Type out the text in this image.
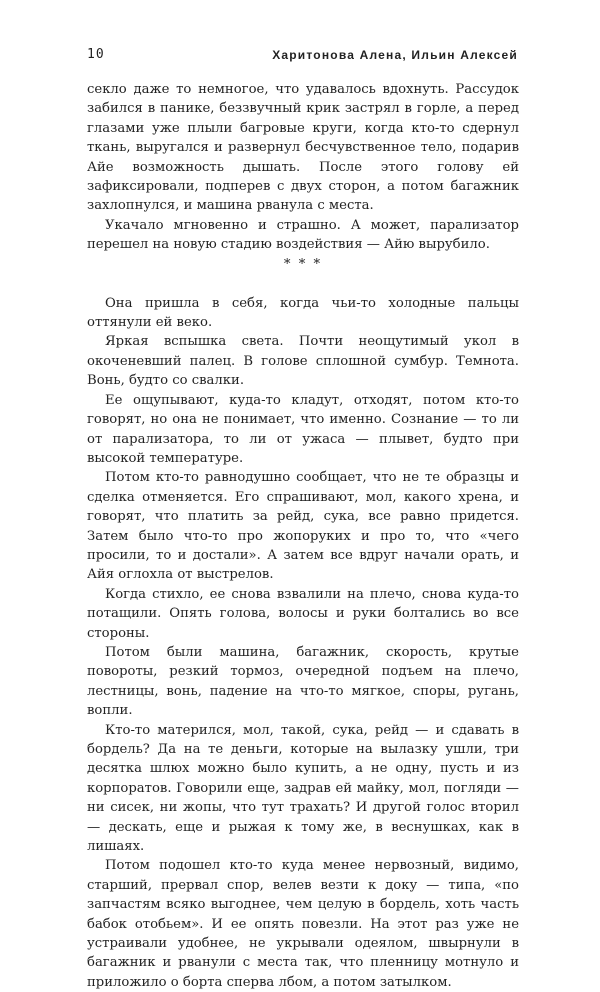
10	Харитонова Алена, Ильин Алексей

секло даже то немногое, что удавалось вдохнуть. Рассудок забился в панике, беззвучный крик застрял в горле, а перед глазами уже плыли багровые круги, когда кто-то сдернул ткань, выругался и развернул бесчувственное тело, подарив Айе возможность дышать. После этого голову ей зафиксировали, подперев с двух сторон, а потом багажник захлопнулся, и машина рванула с места.

Укачало мгновенно и страшно. А может, парализатор перешел на новую стадию воздействия — Айю вырубило.

* * *

Она пришла в себя, когда чьи-то холодные пальцы оттянули ей веко.

Яркая вспышка света. Почти неощутимый укол в окоченевший палец. В голове сплошной сумбур. Темнота. Вонь, будто со свалки.

Ее ощупывают, куда-то кладут, отходят, потом кто-то говорят, но она не понимает, что именно. Сознание — то ли от парализатора, то ли от ужаса — плывет, будто при высокой температуре.

Потом кто-то равнодушно сообщает, что не те образцы и сделка отменяется. Его спрашивают, мол, какого хрена, и говорят, что платить за рейд, сука, все равно придется. Затем было что-то про жопоруких и про то, что «чего просили, то и достали». А затем все вдруг начали орать, и Айя оглохла от выстрелов.

Когда стихло, ее снова взвалили на плечо, снова куда-то потащили. Опять голова, волосы и руки болтались во все стороны.

Потом были машина, багажник, скорость, крутые повороты, резкий тормоз, очередной подъем на плечо, лестницы, вонь, падение на что-то мягкое, споры, ругань, вопли.

Кто-то матерился, мол, такой, сука, рейд — и сдавать в бордель? Да на те деньги, которые на вылазку ушли, три десятка шлюх можно было купить, а не одну, пусть и из корпоратов. Говорили еще, задрав ей майку, мол, погляди — ни сисек, ни жопы, что тут трахать? И другой голос вторил — дескать, еще и рыжая к тому же, в веснушках, как в лишаях.

Потом подошел кто-то куда менее нервозный, видимо, старший, прервал спор, велев везти к доку — типа, «по запчастям всяко выгоднее, чем целую в бордель, хоть часть бабок отобьем». И ее опять повезли. На этот раз уже не устраивали удобнее, не укрывали одеялом, швырнули в багажник и рванули с места так, что пленницу мотнуло и приложило о борта сперва лбом, а потом затылком.
